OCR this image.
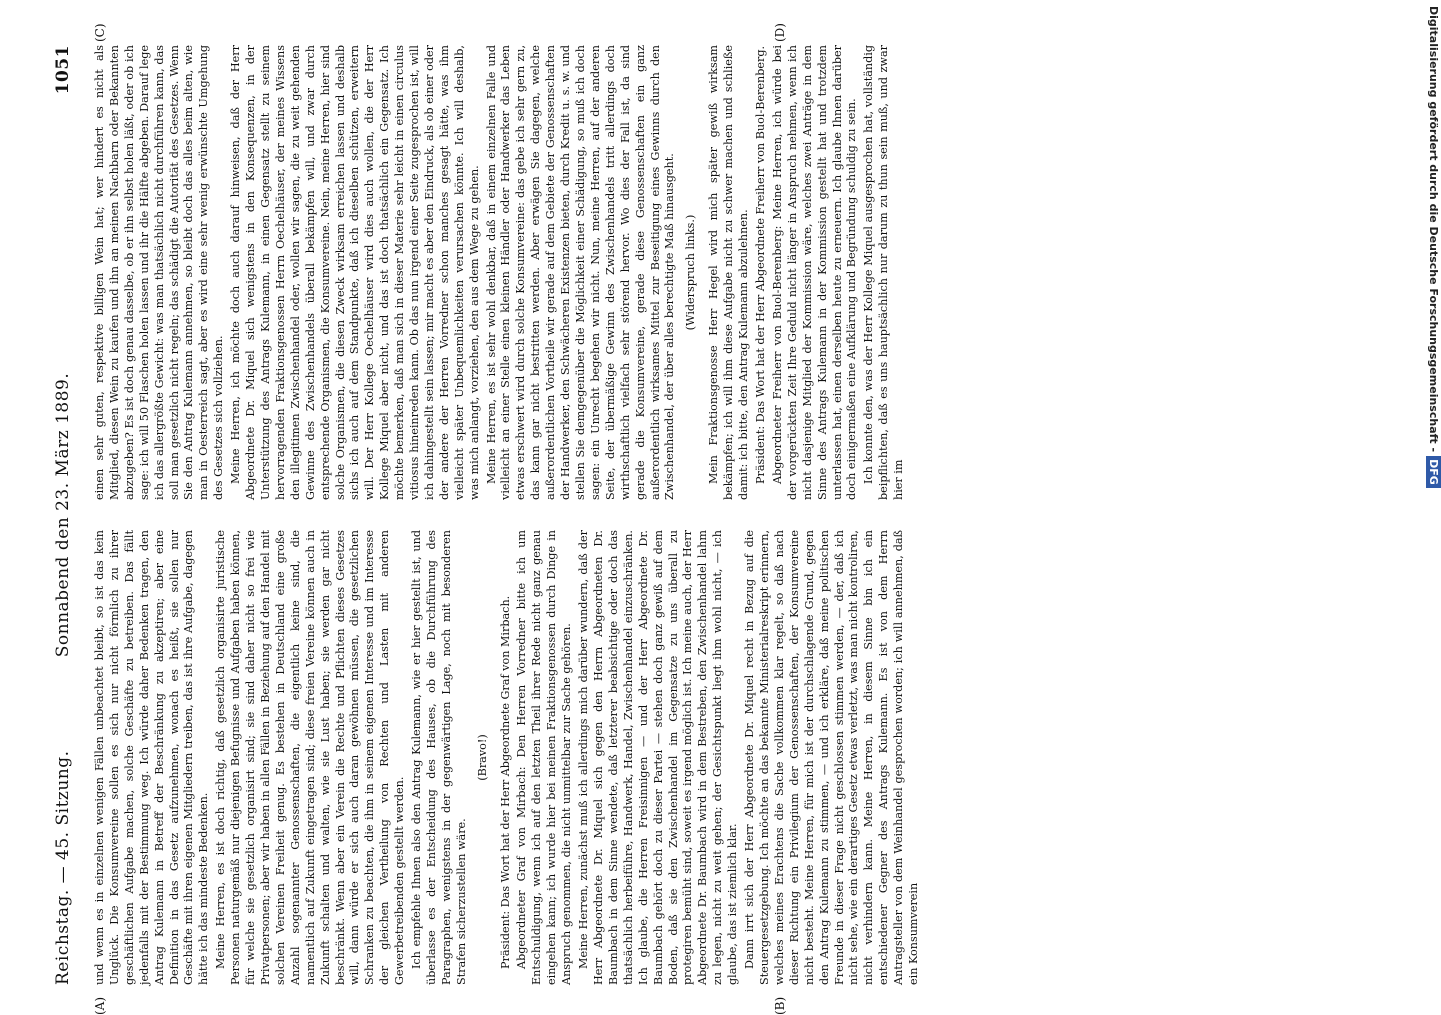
Reichstag. — 45. Sitzung.
Sonnabend den 23. März 1889.
1051
(A)	(B)
(C)	(D)

und wenn es in einzelnen wenigen Fällen unbeachtet bleibt, so ist das kein Unglück. Die Konsumvereine sollen es sich nur nicht förmlich zu ihrer geschäftlichen Aufgabe machen, solche Geschäfte zu betreiben. Das fällt jedenfalls mit der Bestimmung weg. Ich würde daher Bedenken tragen, den Antrag Kulemann in Betreff der Beschränkung zu akzeptiren; aber eine Definition in das Gesetz aufzunehmen, wonach es heißt, sie sollen nur Geschäfte mit ihren eigenen Mitgliedern treiben, das ist ihre Aufgabe, dagegen hätte ich das mindeste Bedenken. Meine Herren, es ist doch richtig, daß gesetzlich organisirte juristische Personen naturgemäß nur diejenigen Befugnisse und Aufgaben haben können, für welche sie gesetzlich organisirt sind; sie sind daher nicht so frei wie Privatpersonen; aber wir haben in allen Fällen in Beziehung auf den Handel mit solchen Vereinen Freiheit genug. Es bestehen in Deutschland eine große Anzahl sogenannter Genossenschaften, die eigentlich keine sind, die namentlich auf Zukunft eingetragen sind; diese freien Vereine können auch in Zukunft schalten und walten, wie sie Lust haben; sie werden gar nicht beschränkt. Wenn aber ein Verein die Rechte und Pflichten dieses Gesetzes will, dann würde er sich auch daran gewöhnen müssen, die gesetzlichen Schranken zu beachten, die ihm in seinem eigenen Interesse und im Interesse der gleichen Vertheilung von Rechten und Lasten mit anderen Gewerbetreibenden gestellt werden. Ich empfehle Ihnen also den Antrag Kulemann, wie er hier gestellt ist, und überlasse es der Entscheidung des Hauses, ob die Durchführung des Paragraphen, wenigstens in der gegenwärtigen Lage, noch mit besonderen Strafen sicherzustellen wäre.

(Bravo!) Präsident: Das Wort hat der Herr Abgeordnete Graf von Mirbach. Abgeordneter Graf von Mirbach: Den Herren Vorredner bitte ich um Entschuldigung, wenn ich auf den letzten Theil ihrer Rede nicht ganz genau eingehen kann; ich wurde hier bei meinen Fraktionsgenossen durch Dinge in Anspruch genommen, die nicht unmittelbar zur Sache gehören. Meine Herren, zunächst muß ich allerdings mich darüber wundern, daß der Herr Abgeordnete Dr. Miquel sich gegen den Herrn Abgeordneten Dr. Baumbach in dem Sinne wendete, daß letzterer beabsichtige oder doch das thatsächlich herbeiführe, Handwerk, Handel, Zwischenhandel einzuschränken. Ich glaube, die Herren Freisinnigen — und der Herr Abgeordnete Dr. Baumbach gehört doch zu dieser Partei — stehen doch ganz gewiß auf dem Boden, daß sie den Zwischenhandel im Gegensatze zu uns überall zu protegiren bemüht sind, soweit es irgend möglich ist. Ich meine auch, der Herr Abgeordnete Dr. Baumbach wird in dem Bestreben, den Zwischenhandel lahm zu legen, nicht zu weit gehen; der Gesichtspunkt liegt ihm wohl nicht, — ich glaube, das ist ziemlich klar. Dann irrt sich der Herr Abgeordnete Dr. Miquel recht in Bezug auf die Steuergesetzgebung. Ich möchte an das bekannte Ministerialreskript erinnern, welches meines Erachtens die Sache vollkommen klar regelt, so daß nach dieser Richtung ein Privilegium der Genossenschaften, der Konsumvereine nicht besteht. Meine Herren, für mich ist der durchschlagende Grund, gegen den Antrag Kulemann zu stimmen, — und ich erkläre, daß meine politischen Freunde in dieser Frage nicht geschlossen stimmen werden, — der, daß ich nicht sehe, wie ein derartiges Gesetz etwas verletzt, was man nicht kontroliren, nicht verhindern kann. Meine Herren, in diesem Sinne bin ich ein entschiedener Gegner des Antrags Kulemann. Es ist von dem Herrn Antragsteller von dem Weinhandel gesprochen worden; ich will annehmen, daß ein Konsumverein

einen sehr guten, respektive billigen Wein hat; wer hindert es nicht als Mitglied, diesen Wein zu kaufen und ihn an meinen Nachbarn oder Bekannten abzugeben? Es ist doch genau dasselbe, ob er ihn selbst holen läßt, oder ob ich sage: ich will 50 Flaschen holen lassen und ihr die Hälfte abgeben. Darauf lege ich das allergrößte Gewicht: was man thatsächlich nicht durchführen kann, das soll man gesetzlich nicht regeln; das schädigt die Autorität des Gesetzes. Wenn Sie den Antrag Kulemann annehmen, so bleibt doch das alles beim alten, wie man in Oesterreich sagt, aber es wird eine sehr wenig erwünschte Umgehung des Gesetzes sich vollziehen. Meine Herren, ich möchte doch auch darauf hinweisen, daß der Herr Abgeordnete Dr. Miquel sich wenigstens in den Konsequenzen, in der Unterstützung des Antrags Kulemann, in einen Gegensatz stellt zu seinem hervorragenden Fraktionsgenossen Herrn Oechelhäuser, der meines Wissens den illegitimen Zwischenhandel oder, wollen wir sagen, die zu weit gehenden Gewinne des Zwischenhandels überall bekämpfen will, und zwar durch entsprechende Organismen, die Konsumvereine. Nein, meine Herren, hier sind solche Organismen, die diesen Zweck wirksam erreichen lassen und deshalb sichs ich auch auf dem Standpunkte, daß ich dieselben schützen, erweitern will. Der Herr Kollege Oechelhäuser wird dies auch wollen, die der Herr Kollege Miquel aber nicht, und das ist doch thatsächlich ein Gegensatz. Ich möchte bemerken, daß man sich in dieser Materie sehr leicht in einen circulus vitiosus hineinreden kann. Ob das nun irgend einer Seite zugesprochen ist, will ich dahingestellt sein lassen; mir macht es aber den Eindruck, als ob einer oder der andere der Herren Vorredner schon manches gesagt hätte, was ihm vielleicht später Unbequemlichkeiten verursachen könnte. Ich will deshalb, was mich anlangt, vorziehen, den aus dem Wege zu gehen. Meine Herren, es ist sehr wohl denkbar, daß in einem einzelnen Falle und vielleicht an einer Stelle einen kleinen Händler oder Handwerker das Leben etwas erschwert wird durch solche Konsumvereine: das gebe ich sehr gern zu, das kann gar nicht bestritten werden. Aber erwägen Sie dagegen, welche außerordentlichen Vortheile wir gerade auf dem Gebiete der Genossenschaften der Handwerker, den Schwächeren Existenzen bieten, durch Kredit u. s. w. und stellen Sie demgegenüber die Möglichkeit einer Schädigung, so muß ich doch sagen: ein Unrecht begehen wir nicht. Nun, meine Herren, auf der anderen Seite, der übermäßige Gewinn des Zwischenhandels tritt allerdings doch wirthschaftlich vielfach sehr störend hervor. Wo dies der Fall ist, da sind gerade die Konsumvereine, gerade diese Genossenschaften ein ganz außerordentlich wirksames Mittel zur Beseitigung eines Gewinns durch den Zwischenhandel, der über alles berechtigte Maß hinausgeht. (Widerspruch links.) Mein Fraktionsgenosse Herr Hegel wird mich später gewiß wirksam bekämpfen; ich will ihm diese Aufgabe nicht zu schwer machen und schließe damit: ich bitte, den Antrag Kulemann abzulehnen. Präsident: Das Wort hat der Herr Abgeordnete Freiherr von Buol-Berenberg. Abgeordneter Freiherr von Buol-Berenberg: Meine Herren, ich würde bei der vorgerückten Zeit Ihre Geduld nicht länger in Anspruch nehmen, wenn ich nicht dasjenige Mitglied der Kommission wäre, welches zwei Anträge in dem Sinne des Antrags Kulemann in der Kommission gestellt hat und trotzdem unterlassen hat, einen derselben heute zu erneuern. Ich glaube Ihnen darüber doch einigermaßen eine Aufklärung und Begründung schuldig zu sein. Ich konnte den, was der Herr Kollege Miquel ausgesprochen hat, vollständig beipflichten, daß es uns hauptsächlich nur darum zu thun sein muß, und zwar hier im

Digitalisierung gefördert durch die Deutsche Forschungsgemeinschaft -DFG
